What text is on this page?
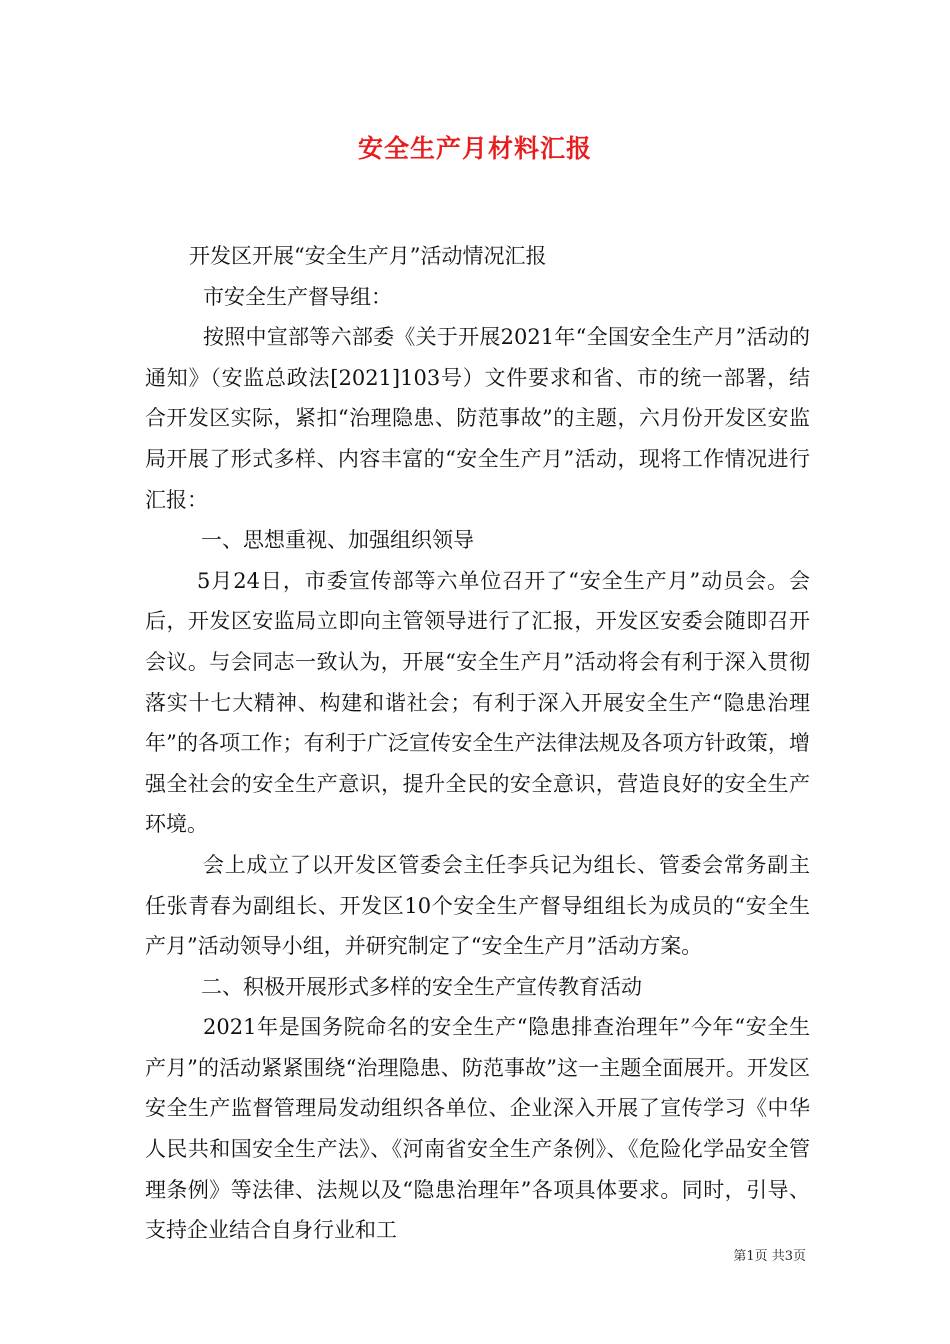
安全生产月材料汇报

开发区开展“安全生产月”活动情况汇报

市安全生产督导组：

按照中宣部等六部委《关于开展2021年“全国安全生产月”活动的通知》（安监总政法[2021]103号）文件要求和省、市的统一部署，结合开发区实际，紧扣“治理隐患、防范事故”的主题，六月份开发区安监局开展了形式多样、内容丰富的“安全生产月”活动，现将工作情况进行汇报：

一、思想重视、加强组织领导

5月24日，市委宣传部等六单位召开了“安全生产月”动员会。会后，开发区安监局立即向主管领导进行了汇报，开发区安委会随即召开会议。与会同志一致认为，开展“安全生产月”活动将会有利于深入贯彻落实十七大精神、构建和谐社会；有利于深入开展安全生产“隐患治理年”的各项工作；有利于广泛宣传安全生产法律法规及各项方针政策，增强全社会的安全生产意识，提升全民的安全意识，营造良好的安全生产环境。

会上成立了以开发区管委会主任李兵记为组长、管委会常务副主任张青春为副组长、开发区10个安全生产督导组组长为成员的“安全生产月”活动领导小组，并研究制定了“安全生产月”活动方案。

二、积极开展形式多样的安全生产宣传教育活动

2021年是国务院命名的安全生产“隐患排查治理年”今年“安全生产月”的活动紧紧围绕“治理隐患、防范事故”这一主题全面展开。开发区安全生产监督管理局发动组织各单位、企业深入开展了宣传学习《中华人民共和国安全生产法》、《河南省安全生产条例》、《危险化学品安全管理条例》等法律、法规以及“隐患治理年”各项具体要求。同时，引导、支持企业结合自身行业和工

第1页 共3页
